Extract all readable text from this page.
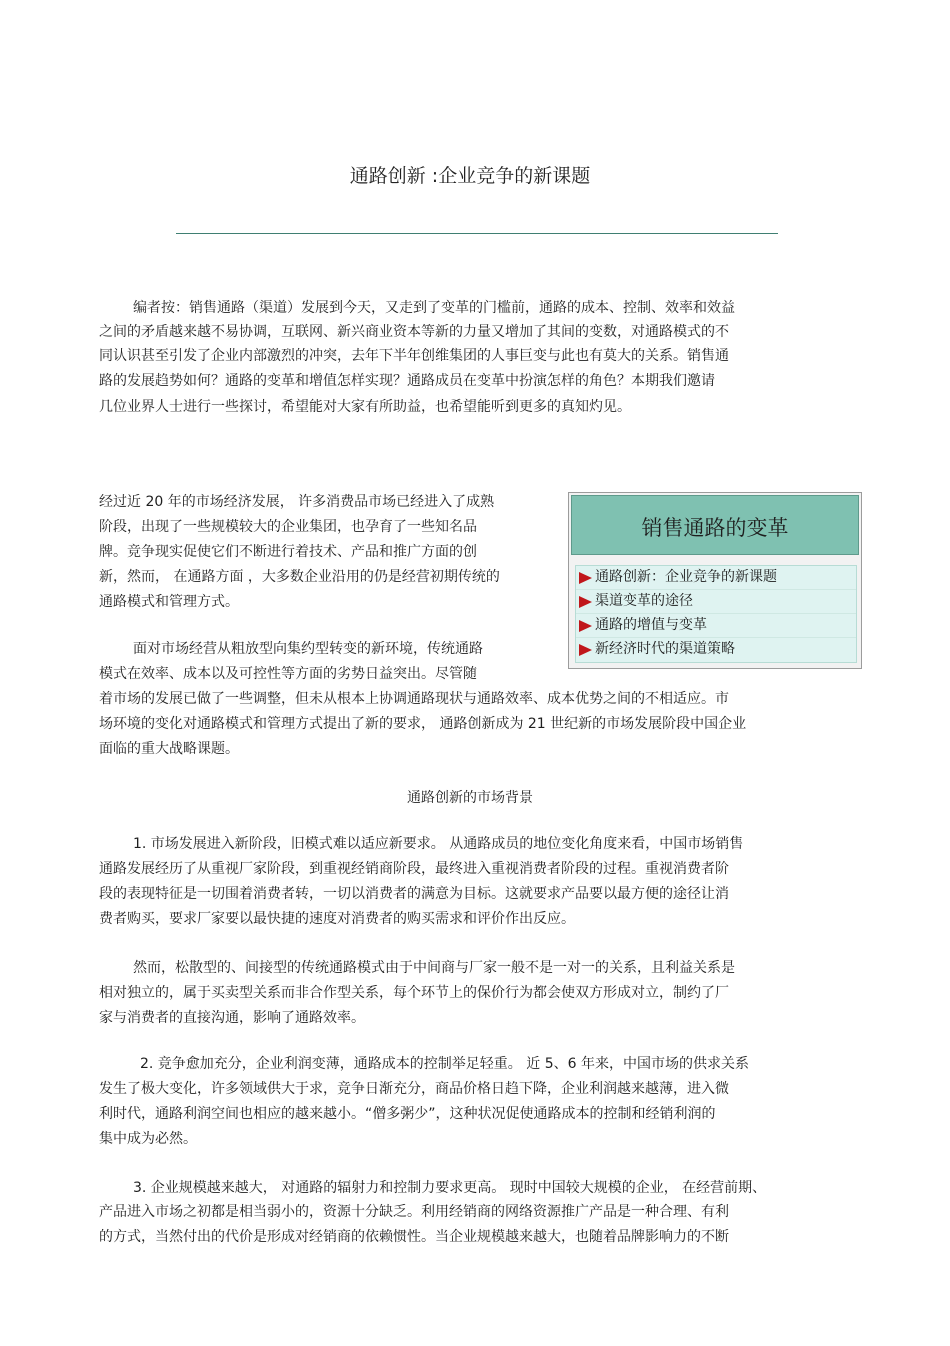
通路创新 :企业竞争的新课题
编者按：销售通路（渠道）发展到今天，又走到了变革的门槛前，通路的成本、控制、效率和效益
之间的矛盾越来越不易协调，互联网、新兴商业资本等新的力量又增加了其间的变数，对通路模式的不
同认识甚至引发了企业内部激烈的冲突，去年下半年创维集团的人事巨变与此也有莫大的关系。销售通
路的发展趋势如何？通路的变革和增值怎样实现？通路成员在变革中扮演怎样的角色？本期我们邀请
几位业界人士进行一些探讨，希望能对大家有所助益，也希望能听到更多的真知灼见。
经过近 20 年的市场经济发展， 许多消费品市场已经进入了成熟
阶段，出现了一些规模较大的企业集团，也孕育了一些知名品
牌。竞争现实促使它们不断进行着技术、产品和推广方面的创
新，然而， 在通路方面 ，大多数企业沿用的仍是经营初期传统的
通路模式和管理方式。
面对市场经营从粗放型向集约型转变的新环境，传统通路
模式在效率、成本以及可控性等方面的劣势日益突出。尽管随
着市场的发展已做了一些调整，但未从根本上协调通路现状与通路效率、成本优势之间的不相适应。市
场环境的变化对通路模式和管理方式提出了新的要求， 通路创新成为 21 世纪新的市场发展阶段中国企业
面临的重大战略课题。
销售通路的变革
通路创新：企业竞争的新课题
渠道变革的途径
通路的增值与变革
新经济时代的渠道策略
通路创新的市场背景
1. 市场发展进入新阶段，旧模式难以适应新要求。 从通路成员的地位变化角度来看，中国市场销售
通路发展经历了从重视厂家阶段，到重视经销商阶段，最终进入重视消费者阶段的过程。重视消费者阶
段的表现特征是一切围着消费者转，一切以消费者的满意为目标。这就要求产品要以最方便的途径让消
费者购买，要求厂家要以最快捷的速度对消费者的购买需求和评价作出反应。
然而，松散型的、间接型的传统通路模式由于中间商与厂家一般不是一对一的关系，且利益关系是
相对独立的，属于买卖型关系而非合作型关系，每个环节上的保价行为都会使双方形成对立，制约了厂
家与消费者的直接沟通，影响了通路效率。
2. 竞争愈加充分，企业利润变薄，通路成本的控制举足轻重。 近 5、6 年来，中国市场的供求关系
发生了极大变化，许多领域供大于求，竞争日渐充分，商品价格日趋下降，企业利润越来越薄，进入微
利时代，通路利润空间也相应的越来越小。“僧多粥少”，这种状况促使通路成本的控制和经销利润的
集中成为必然。
3. 企业规模越来越大， 对通路的辐射力和控制力要求更高。 现时中国较大规模的企业， 在经营前期、
产品进入市场之初都是相当弱小的，资源十分缺乏。利用经销商的网络资源推广产品是一种合理、有利
的方式，当然付出的代价是形成对经销商的依赖惯性。当企业规模越来越大，也随着品牌影响力的不断
